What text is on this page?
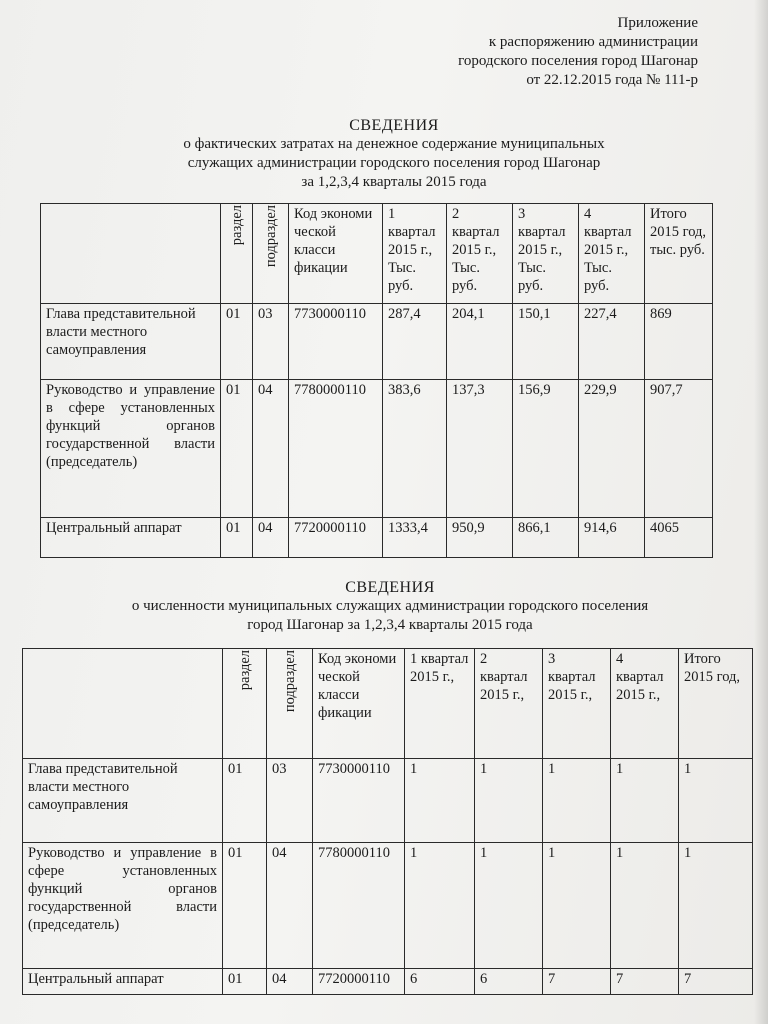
Приложение
к распоряжению администрации
городского поселения город Шагонар
от 22.12.2015 года № 111-р
СВЕДЕНИЯ
о фактических затратах на денежное содержание муниципальных
служащих администрации городского поселения город Шагонар
за 1,2,3,4 кварталы 2015 года
	раздел	подраздел	Код экономи ческой класси фикации	1 квартал 2015 г., Тыс. руб.	2 квартал 2015 г., Тыс. руб.	3 квартал 2015 г., Тыс. руб.	4 квартал 2015 г., Тыс. руб.	Итого 2015 год, тыс. руб.
Глава представительной власти местного самоуправления	01	03	7730000110	287,4	204,1	150,1	227,4	869
Руководство и управление в сфере установленных функций органов государственной власти (председатель)	01	04	7780000110	383,6	137,3	156,9	229,9	907,7
Центральный аппарат	01	04	7720000110	1333,4	950,9	866,1	914,6	4065
СВЕДЕНИЯ
о численности муниципальных служащих администрации городского поселения
город Шагонар за 1,2,3,4 кварталы 2015 года
	раздел	подраздел	Код экономи ческой класси фикации	1 квартал 2015 г.,	2 квартал 2015 г.,	3 квартал 2015 г.,	4 квартал 2015 г.,	Итого 2015 год,
Глава представительной власти местного самоуправления	01	03	7730000110	1	1	1	1	1
Руководство и управление в сфере установленных функций органов государственной власти (председатель)	01	04	7780000110	1	1	1	1	1
Центральный аппарат	01	04	7720000110	6	6	7	7	7
